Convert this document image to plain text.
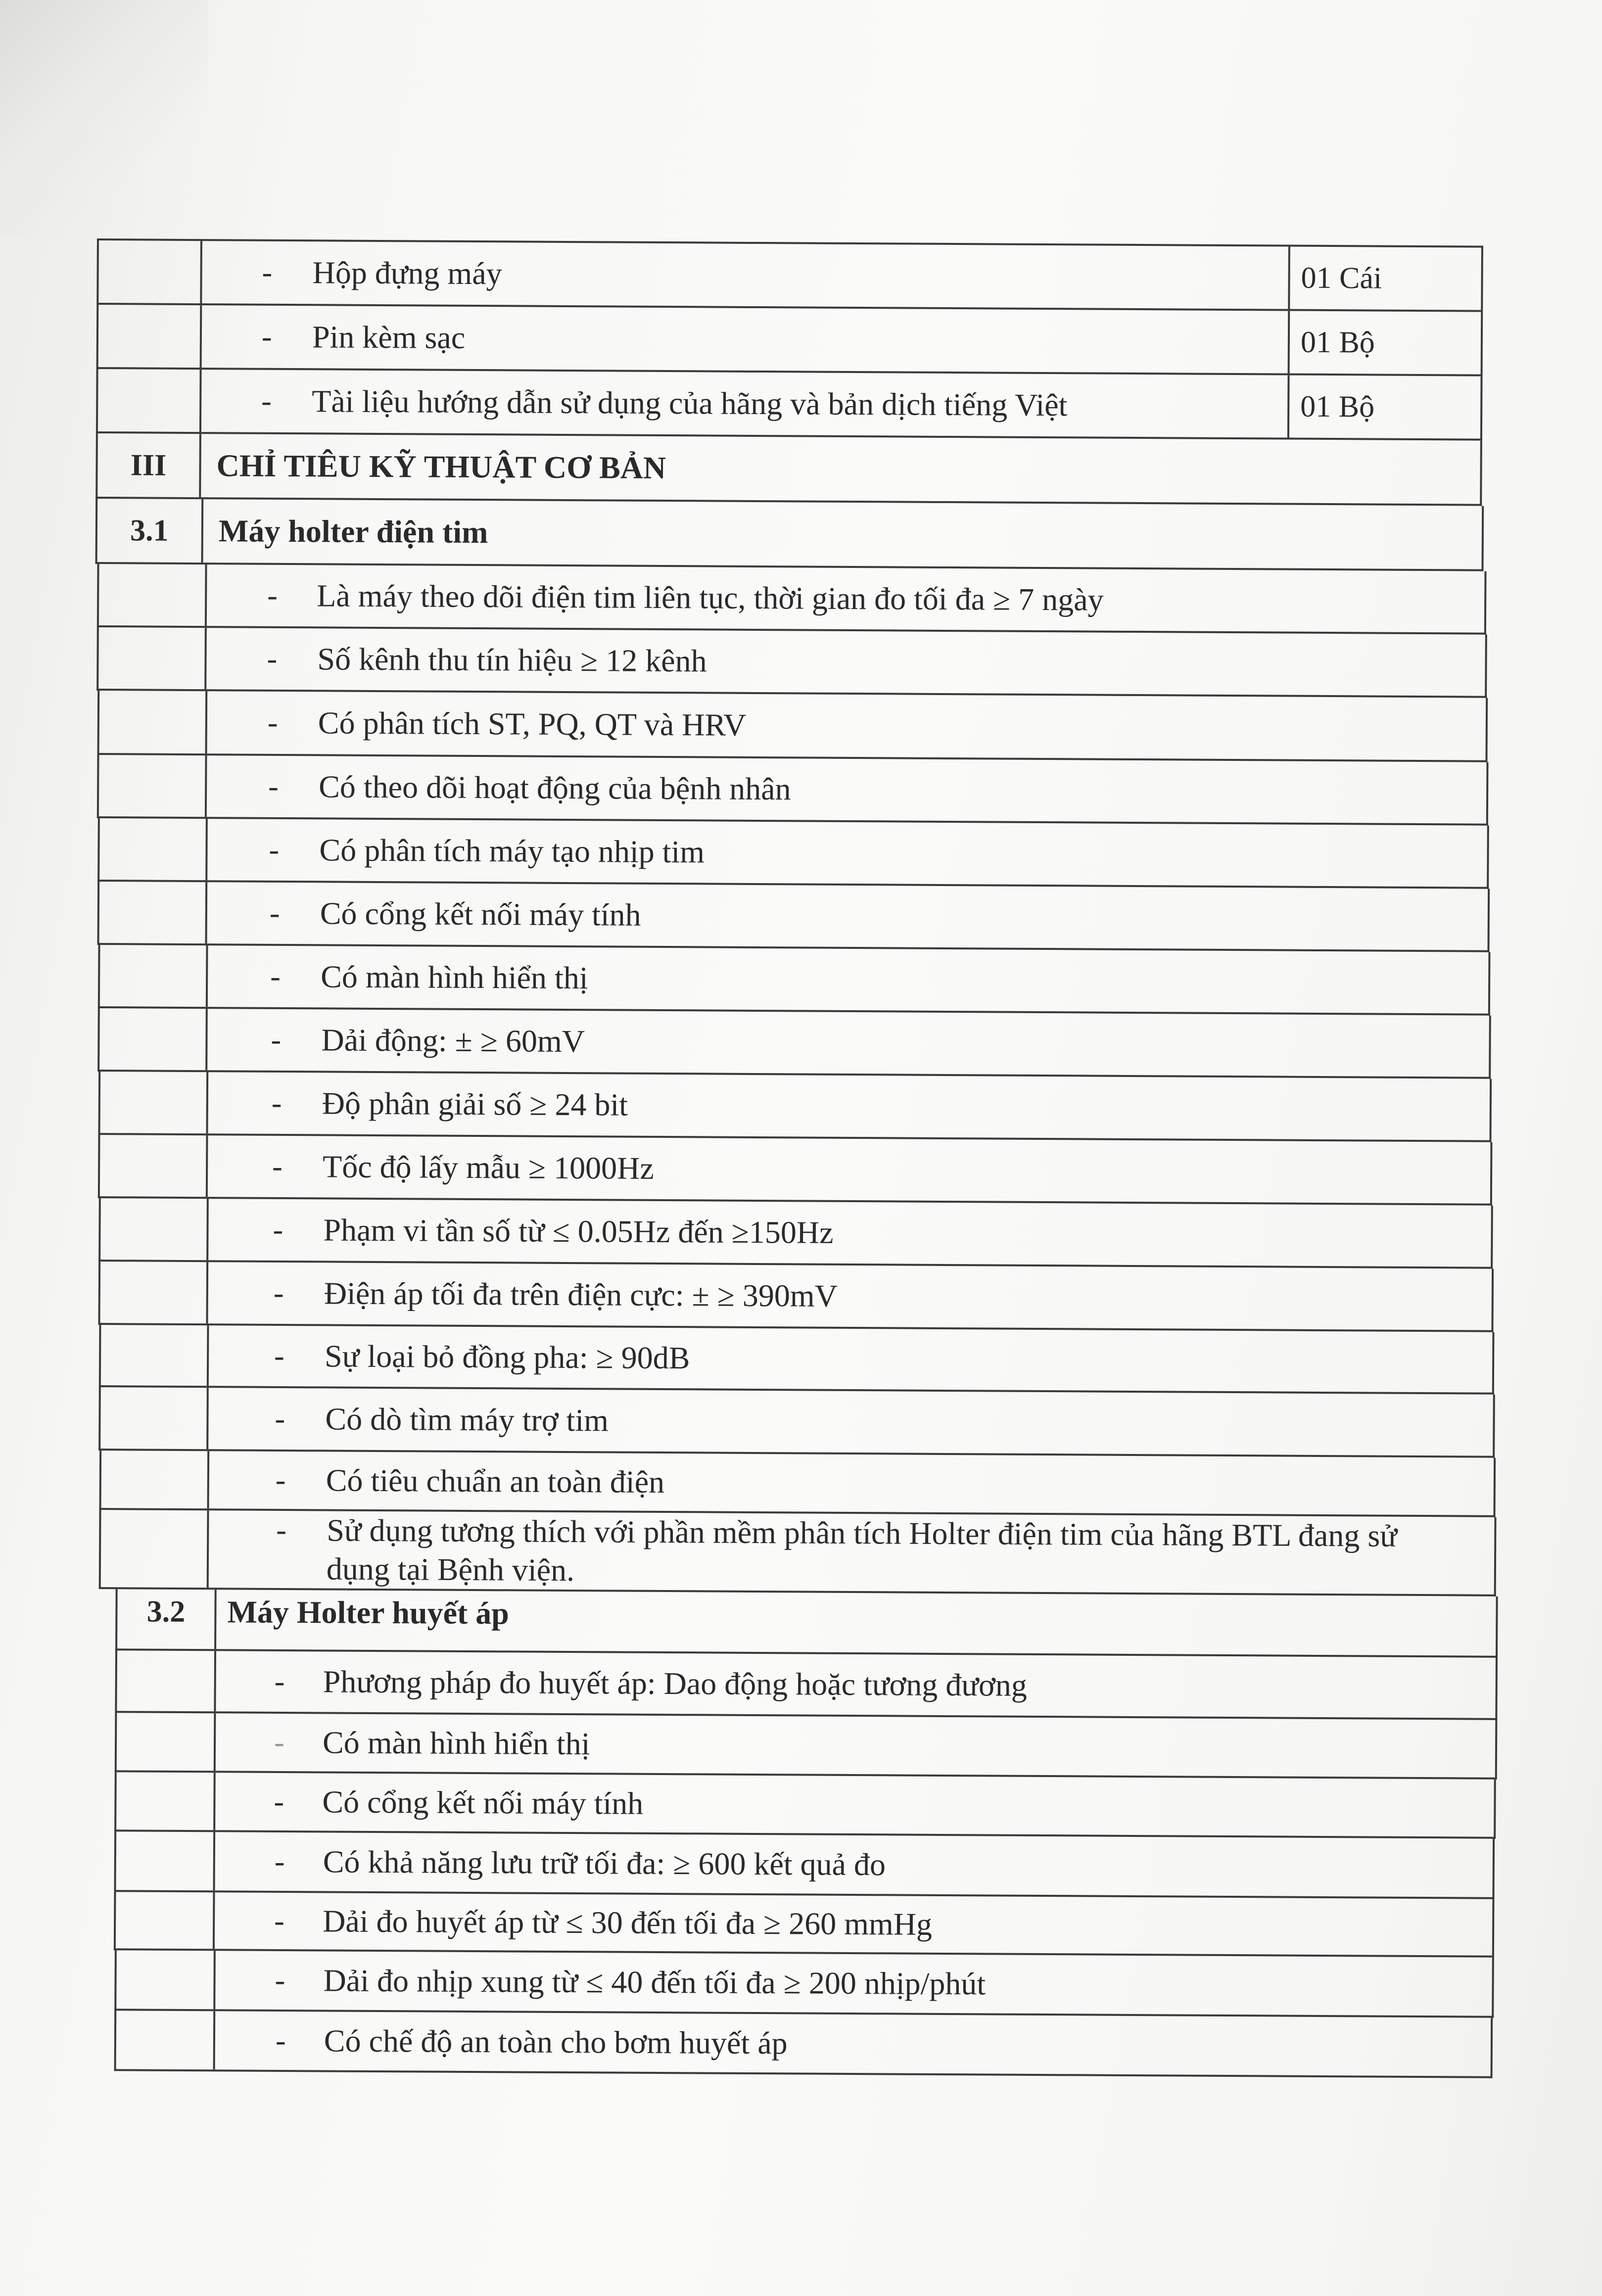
- Hộp đựng máy	01 Cái
- Pin kèm sạc	01 Bộ
- Tài liệu hướng dẫn sử dụng của hãng và bản dịch tiếng Việt	01 Bộ
III	CHỈ TIÊU KỸ THUẬT CƠ BẢN
3.1	Máy holter điện tim
- Là máy theo dõi điện tim liên tục, thời gian đo tối đa ≥ 7 ngày
- Số kênh thu tín hiệu ≥ 12 kênh
- Có phân tích ST, PQ, QT và HRV
- Có theo dõi hoạt động của bệnh nhân
- Có phân tích máy tạo nhịp tim
- Có cổng kết nối máy tính
- Có màn hình hiển thị
- Dải động: ± ≥ 60mV
- Độ phân giải số ≥ 24 bit
- Tốc độ lấy mẫu ≥ 1000Hz
- Phạm vi tần số từ ≤ 0.05Hz đến ≥150Hz
- Điện áp tối đa trên điện cực: ± ≥ 390mV
- Sự loại bỏ đồng pha: ≥ 90dB
- Có dò tìm máy trợ tim
- Có tiêu chuẩn an toàn điện
- Sử dụng tương thích với phần mềm phân tích Holter điện tim của hãng BTL đang sử dụng tại Bệnh viện.
3.2	Máy Holter huyết áp
- Phương pháp đo huyết áp: Dao động hoặc tương đương
- Có màn hình hiển thị
- Có cổng kết nối máy tính
- Có khả năng lưu trữ tối đa: ≥ 600 kết quả đo
- Dải đo huyết áp từ ≤ 30 đến tối đa ≥ 260 mmHg
- Dải đo nhịp xung từ ≤ 40 đến tối đa ≥ 200 nhịp/phút
- Có chế độ an toàn cho bơm huyết áp
